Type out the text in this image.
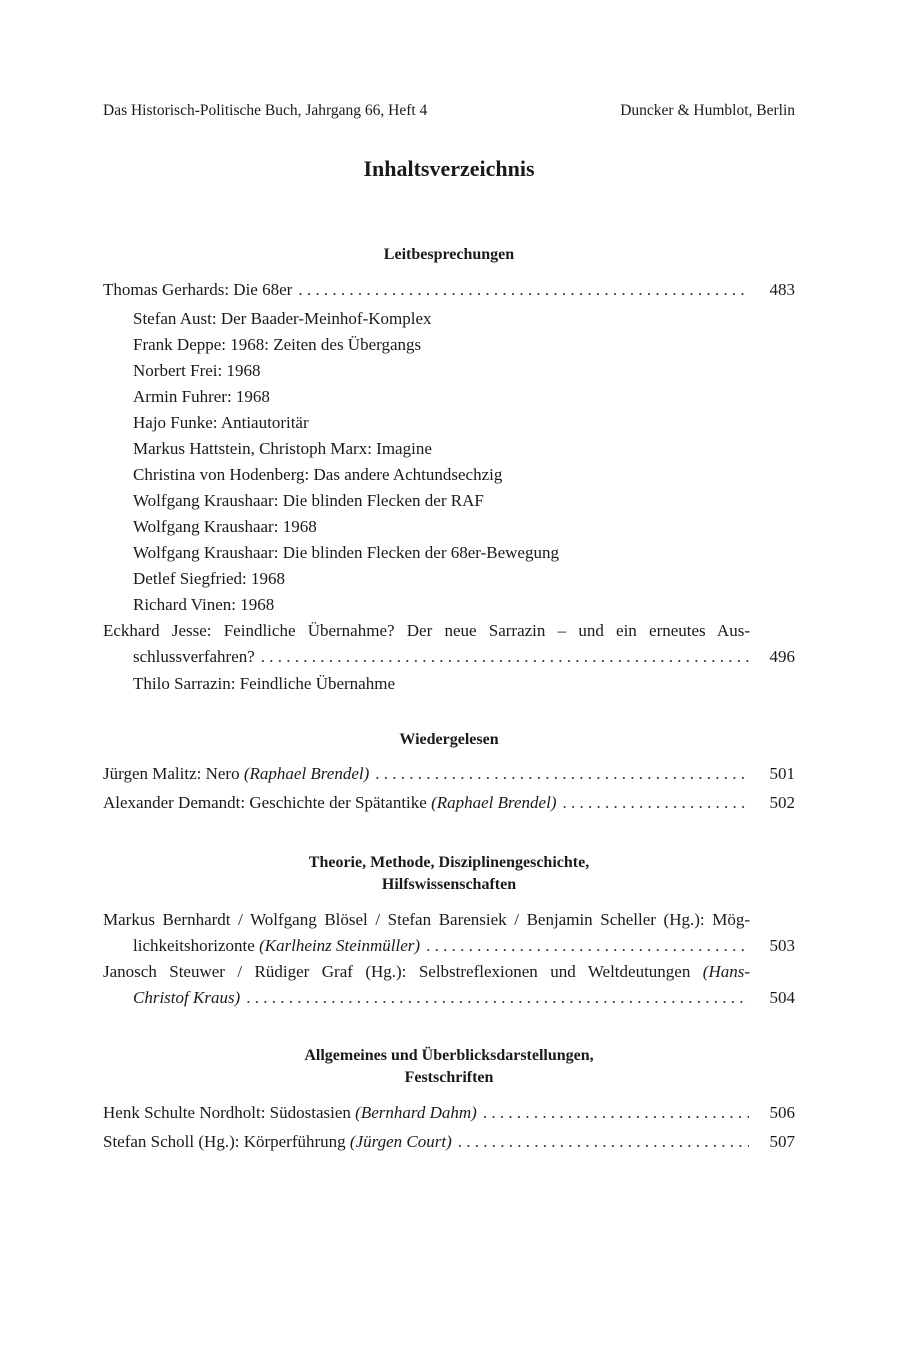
Das Historisch-Politische Buch, Jahrgang 66, Heft 4	Duncker & Humblot, Berlin
Inhaltsverzeichnis
Leitbesprechungen
Thomas Gerhards: Die 68er . . .	483
Stefan Aust: Der Baader-Meinhof-Komplex
Frank Deppe: 1968: Zeiten des Übergangs
Norbert Frei: 1968
Armin Fuhrer: 1968
Hajo Funke: Antiautoritär
Markus Hattstein, Christoph Marx: Imagine
Christina von Hodenberg: Das andere Achtundsechzig
Wolfgang Kraushaar: Die blinden Flecken der RAF
Wolfgang Kraushaar: 1968
Wolfgang Kraushaar: Die blinden Flecken der 68er-Bewegung
Detlef Siegfried: 1968
Richard Vinen: 1968
Eckhard Jesse: Feindliche Übernahme? Der neue Sarrazin – und ein erneutes Aus-
schlussverfahren? . . .	496
Thilo Sarrazin: Feindliche Übernahme
Wiedergelesen
Jürgen Malitz: Nero (Raphael Brendel) . . .	501
Alexander Demandt: Geschichte der Spätantike (Raphael Brendel) . . .	502
Theorie, Methode, Disziplinengeschichte,
Hilfswissenschaften
Markus Bernhardt / Wolfgang Blösel / Stefan Barensiek / Benjamin Scheller (Hg.): Mög-
lichkeitshorizonte (Karlheinz Steinmüller) . . .	503
Janosch Steuwer / Rüdiger Graf (Hg.): Selbstreflexionen und Weltdeutungen (Hans-
Christof Kraus) . . .	504
Allgemeines und Überblicksdarstellungen,
Festschriften
Henk Schulte Nordholt: Südostasien (Bernhard Dahm) . . .	506
Stefan Scholl (Hg.): Körperführung (Jürgen Court) . . .	507
